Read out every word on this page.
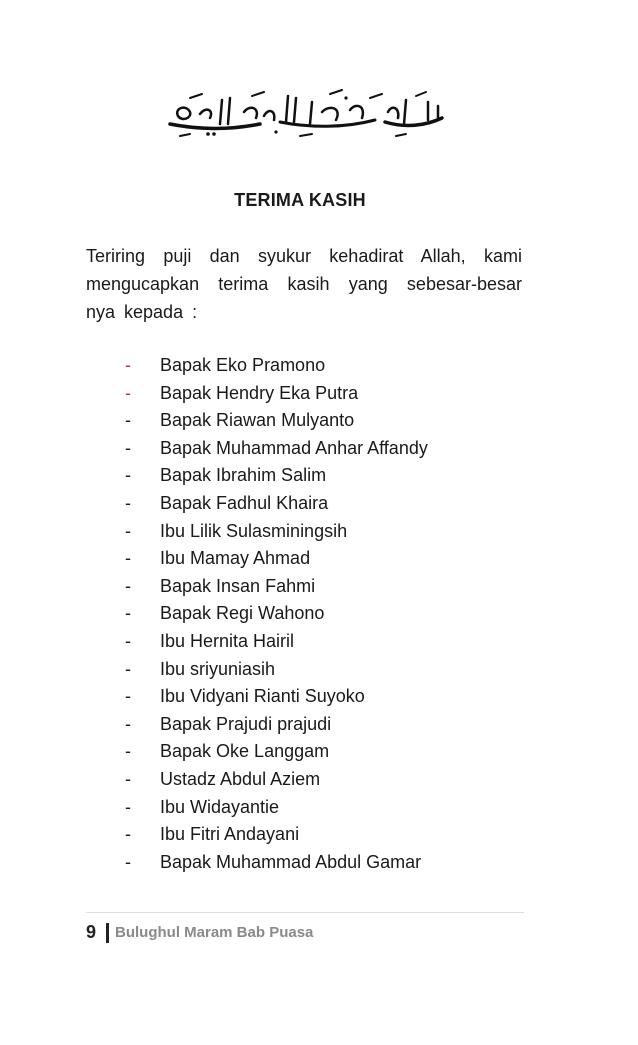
TERIMA KASIH
Teriring puji dan syukur kehadirat Allah, kami
mengucapkan terima kasih yang sebesar-besar
nya kepada :
-	Bapak Eko Pramono
-	Bapak Hendry Eka Putra
-	Bapak Riawan Mulyanto
-	Bapak Muhammad Anhar Affandy
-	Bapak Ibrahim Salim
-	Bapak Fadhul Khaira
-	Ibu Lilik Sulasminingsih
-	Ibu Mamay Ahmad
-	Bapak Insan Fahmi
-	Bapak Regi Wahono
-	Ibu Hernita Hairil
-	Ibu sriyuniasih
-	Ibu Vidyani Rianti Suyoko
-	Bapak Prajudi prajudi
-	Bapak Oke Langgam
-	Ustadz Abdul Aziem
-	Ibu Widayantie
-	Ibu Fitri Andayani
-	Bapak Muhammad Abdul Gamar
9 Bulughul Maram Bab Puasa
